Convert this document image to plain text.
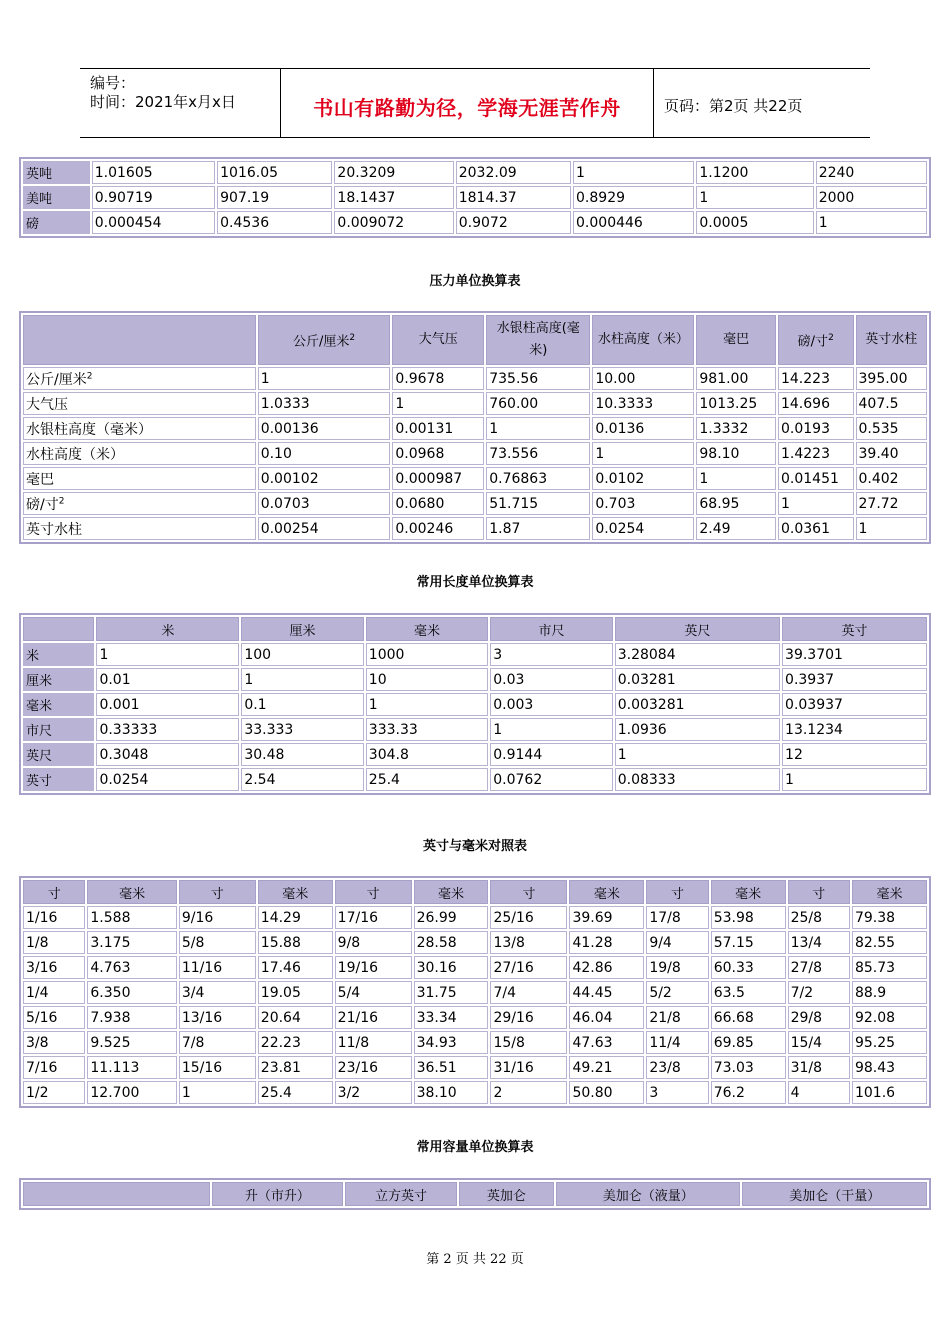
编号：
时间：2021年x月x日	书山有路勤为径，学海无涯苦作舟	页码：第2页 共22页
英吨	1.01605	1016.05	20.3209	2032.09	1	1.1200	2240
美吨	0.90719	907.19	18.1437	1814.37	0.8929	1	2000
磅	0.000454	0.4536	0.009072	0.9072	0.000446	0.0005	1
压力单位换算表
	公斤/厘米$^2$	大气压	水银柱高度(毫米)	水柱高度（米）	毫巴	磅/寸$^2$	英寸水柱
公斤/厘米$^2$	1	0.9678	735.56	10.00	981.00	14.223	395.00
大气压	1.0333	1	760.00	10.3333	1013.25	14.696	407.5
水银柱高度（毫米）	0.00136	0.00131	1	0.0136	1.3332	0.0193	0.535
水柱高度（米）	0.10	0.0968	73.556	1	98.10	1.4223	39.40
毫巴	0.00102	0.000987	0.76863	0.0102	1	0.01451	0.402
磅/寸$^2$	0.0703	0.0680	51.715	0.703	68.95	1	27.72
英寸水柱	0.00254	0.00246	1.87	0.0254	2.49	0.0361	1
常用长度单位换算表
	米	厘米	毫米	市尺	英尺	英寸
米	1	100	1000	3	3.28084	39.3701
厘米	0.01	1	10	0.03	0.03281	0.3937
毫米	0.001	0.1	1	0.003	0.003281	0.03937
市尺	0.33333	33.333	333.33	1	1.0936	13.1234
英尺	0.3048	30.48	304.8	0.9144	1	12
英寸	0.0254	2.54	25.4	0.0762	0.08333	1
英寸与毫米对照表
寸	毫米	寸	毫米	寸	毫米	寸	毫米	寸	毫米	寸	毫米
1/16	1.588	9/16	14.29	17/16	26.99	25/16	39.69	17/8	53.98	25/8	79.38
1/8	3.175	5/8	15.88	9/8	28.58	13/8	41.28	9/4	57.15	13/4	82.55
3/16	4.763	11/16	17.46	19/16	30.16	27/16	42.86	19/8	60.33	27/8	85.73
1/4	6.350	3/4	19.05	5/4	31.75	7/4	44.45	5/2	63.5	7/2	88.9
5/16	7.938	13/16	20.64	21/16	33.34	29/16	46.04	21/8	66.68	29/8	92.08
3/8	9.525	7/8	22.23	11/8	34.93	15/8	47.63	11/4	69.85	15/4	95.25
7/16	11.113	15/16	23.81	23/16	36.51	31/16	49.21	23/8	73.03	31/8	98.43
1/2	12.700	1	25.4	3/2	38.10	2	50.80	3	76.2	4	101.6
常用容量单位换算表
	升（市升）	立方英寸	英加仑	美加仑（液量）	美加仑（干量）
第 2 页 共 22 页
